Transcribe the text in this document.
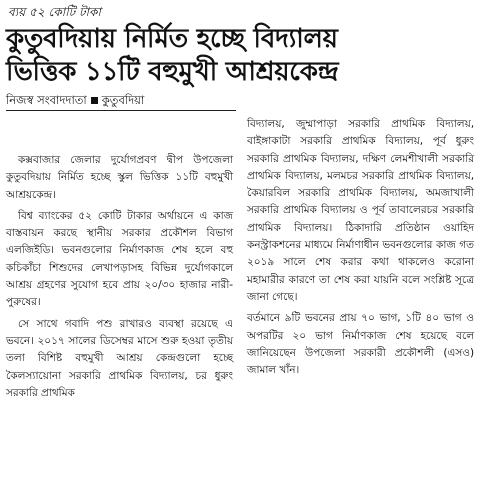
ব্যয় ৫২ কোটি টাকা
কুতুবদিয়ায় নির্মিত হচ্ছে বিদ্যালয়
ভিত্তিক ১১টি বহুমুখী আশ্রয়কেন্দ্র
নিজস্ব সংবাদদাতা কুতুবদিয়া

কক্সবাজার জেলার দুর্যোগপ্রবণ দ্বীপ উপজেলা কুতুবদিয়ায় নির্মিত হচ্ছে স্কুল ভিত্তিক ১১টি বহুমুখী আশ্রয়কেন্দ্র।

বিশ্ব ব্যাংকের ৫২ কোটি টাকার অর্থায়নে এ কাজ বাস্তবায়ন করছে স্থানীয় সরকার প্রকৌশল বিভাগ এলজিইডি। ভবনগুলোর নির্মাণকাজ শেষ হলে বহু কচিকাঁচা শিশুদের লেখাপড়াসহ বিভিন্ন দুর্যোগকালে আশ্রয় গ্রহণের সুযোগ হবে প্রায় ২০/৩০ হাজার নারী-পুরুষের।

সে সাথে গবাদি পশু রাখারও ব্যবস্থা রয়েছে এ ভবনে। ২০১৭ সালের ডিসেম্বর মাসে শুরু হওয়া তৃতীয় তলা বিশিষ্ট বহুমুখী আশ্রয় কেন্দ্রগুলো হচ্ছে কৈলস্যায়োনা সরকারি প্রাথমিক বিদ্যালয়, চর ধুরুং সরকারি প্রাথমিক

বিদ্যালয়, জুম্মাপাড়া সরকারি প্রাথমিক বিদ্যালয়, বাইঙ্গাকাটা সরকারি প্রাথমিক বিদ্যালয়, পূর্ব ধুরুং সরকারি প্রাথমিক বিদ্যালয়, দক্ষিণ লেমশীখালী সরকারি প্রাথমিক বিদ্যালয়, মলমচর সরকারি প্রাথমিক বিদ্যালয়, কৈয়ারবিল সরকারি প্রাথমিক বিদ্যালয়, অমজাখালী সরকারি প্রাথমিক বিদ্যালয় ও পূর্ব তাবালেরচর সরকারি প্রাথমিক বিদ্যালয়। ঠিকাদারি প্রতিষ্ঠান ওয়াহিদ কনস্ট্রাকশনের মাধ্যমে নির্মাণাধীন ভবনগুলোর কাজ গত ২০১৯ সালে শেষ করার কথা থাকলেও করোনা মহামারীর কারণে তা শেষ করা যায়নি বলে সংশ্লিষ্ট সূত্রে জানা গেছে।

বর্তমানে ৯টি ভবনের প্রায় ৭০ ভাগ, ১টি ৪০ ভাগ ও অপরটির ২০ ভাগ নির্মাণকাজ শেষ হয়েছে বলে জানিয়েছেন উপজেলা সরকারী প্রকৌশলী (এসও) জামাল খাঁন।
